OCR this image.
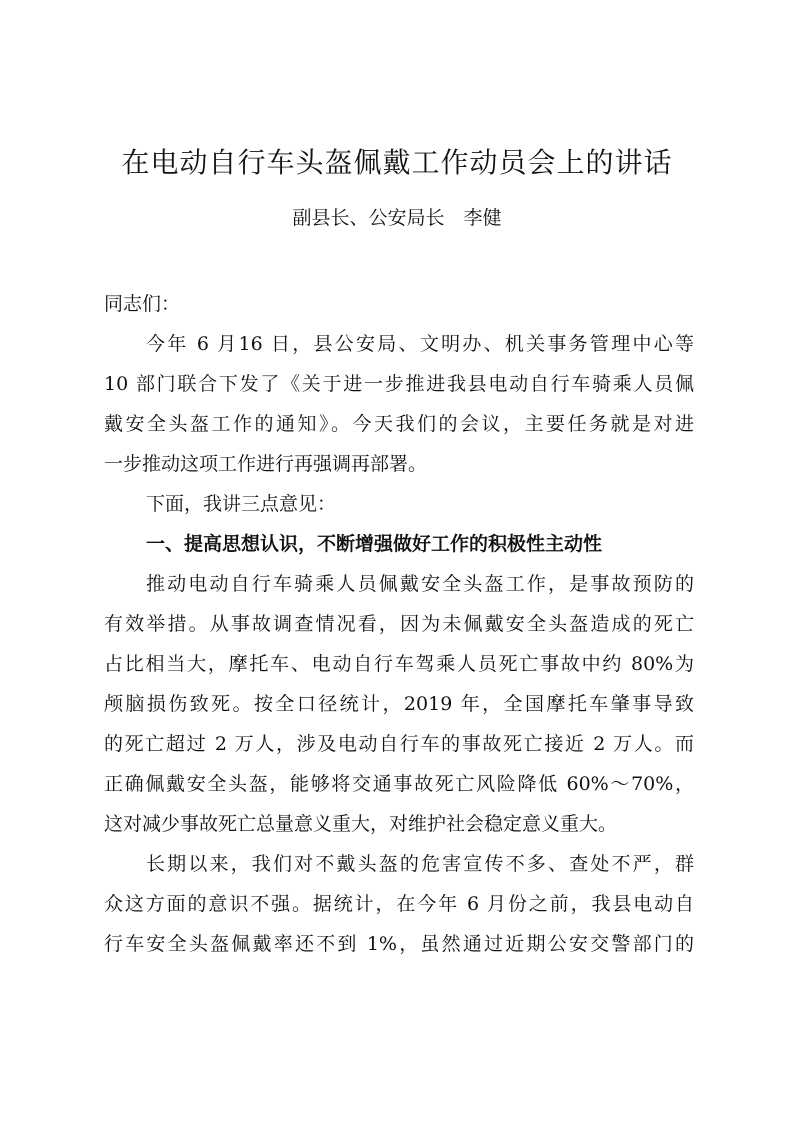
在电动自行车头盔佩戴工作动员会上的讲话
副县长、公安局长　李健
同志们：
今年 6 月16 日，县公安局、文明办、机关事务管理中心等
10 部门联合下发了《关于进一步推进我县电动自行车骑乘人员佩
戴安全头盔工作的通知》。今天我们的会议，主要任务就是对进
一步推动这项工作进行再强调再部署。
下面，我讲三点意见：
一、提高思想认识，不断增强做好工作的积极性主动性
推动电动自行车骑乘人员佩戴安全头盔工作，是事故预防的
有效举措。从事故调查情况看，因为未佩戴安全头盔造成的死亡
占比相当大，摩托车、电动自行车驾乘人员死亡事故中约 80%为
颅脑损伤致死。按全口径统计，2019 年，全国摩托车肇事导致
的死亡超过 2 万人，涉及电动自行车的事故死亡接近 2 万人。而
正确佩戴安全头盔，能够将交通事故死亡风险降低 60%～70%，
这对减少事故死亡总量意义重大，对维护社会稳定意义重大。
长期以来，我们对不戴头盔的危害宣传不多、查处不严，群
众这方面的意识不强。据统计，在今年 6 月份之前，我县电动自
行车安全头盔佩戴率还不到 1%，虽然通过近期公安交警部门的
